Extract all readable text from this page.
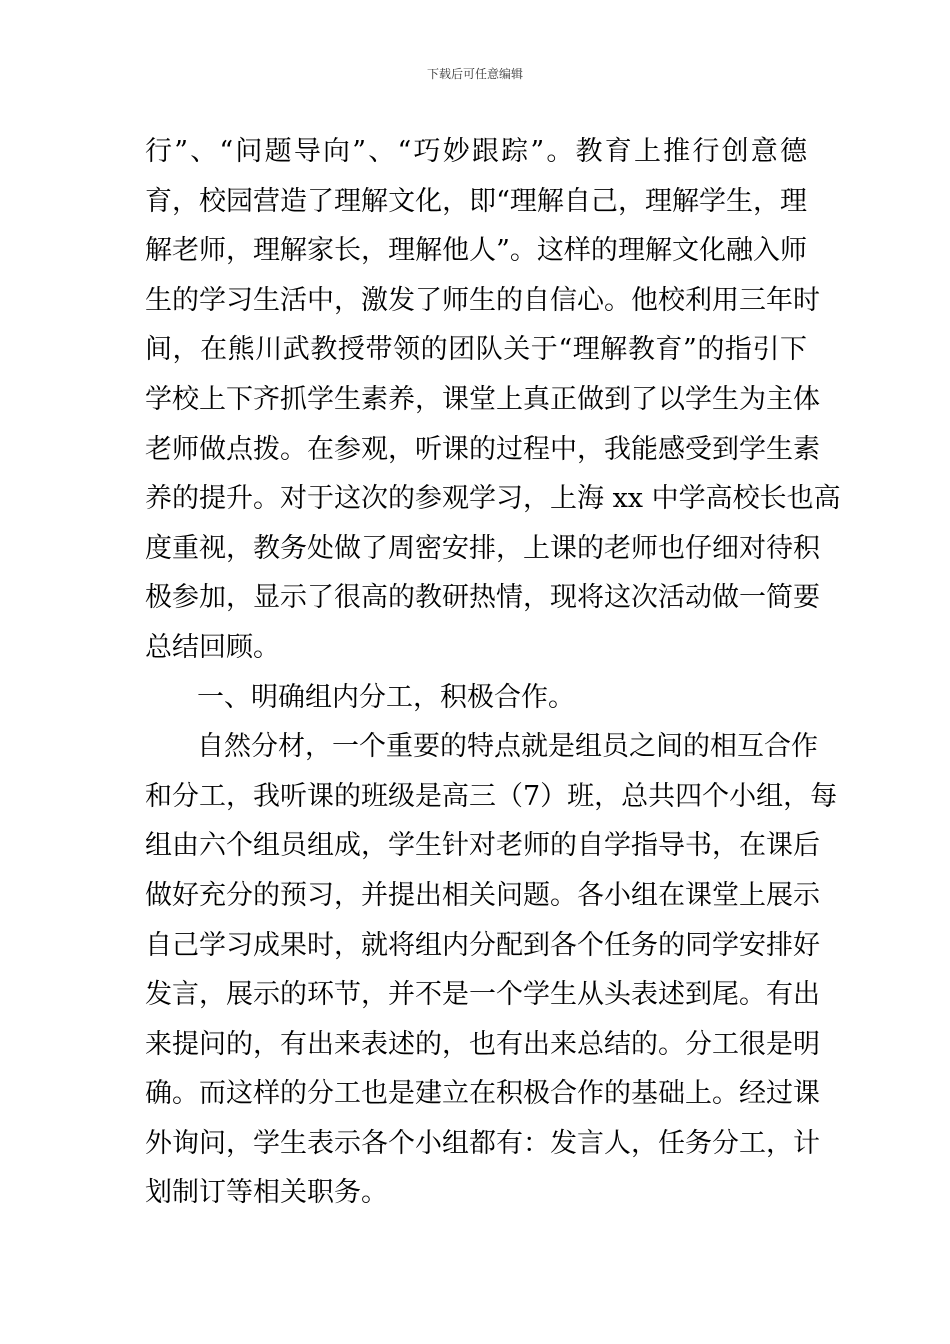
下载后可任意编辑
行”、“问题导向”、“巧妙跟踪”。教育上推行创意德
育，校园营造了理解文化，即“理解自己，理解学生，理
解老师，理解家长，理解他人”。这样的理解文化融入师
生的学习生活中，激发了师生的自信心。他校利用三年时
间，在熊川武教授带领的团队关于“理解教育”的指引下
学校上下齐抓学生素养，课堂上真正做到了以学生为主体
老师做点拨。在参观，听课的过程中，我能感受到学生素
养的提升。对于这次的参观学习，上海 xx 中学高校长也高
度重视，教务处做了周密安排，上课的老师也仔细对待积
极参加，显示了很高的教研热情，现将这次活动做一简要
总结回顾。
一、明确组内分工，积极合作。
自然分材，一个重要的特点就是组员之间的相互合作
和分工，我听课的班级是高三（7）班，总共四个小组，每
组由六个组员组成，学生针对老师的自学指导书，在课后
做好充分的预习，并提出相关问题。各小组在课堂上展示
自己学习成果时，就将组内分配到各个任务的同学安排好
发言，展示的环节，并不是一个学生从头表述到尾。有出
来提问的，有出来表述的，也有出来总结的。分工很是明
确。而这样的分工也是建立在积极合作的基础上。经过课
外询问，学生表示各个小组都有：发言人，任务分工，计
划制订等相关职务。
